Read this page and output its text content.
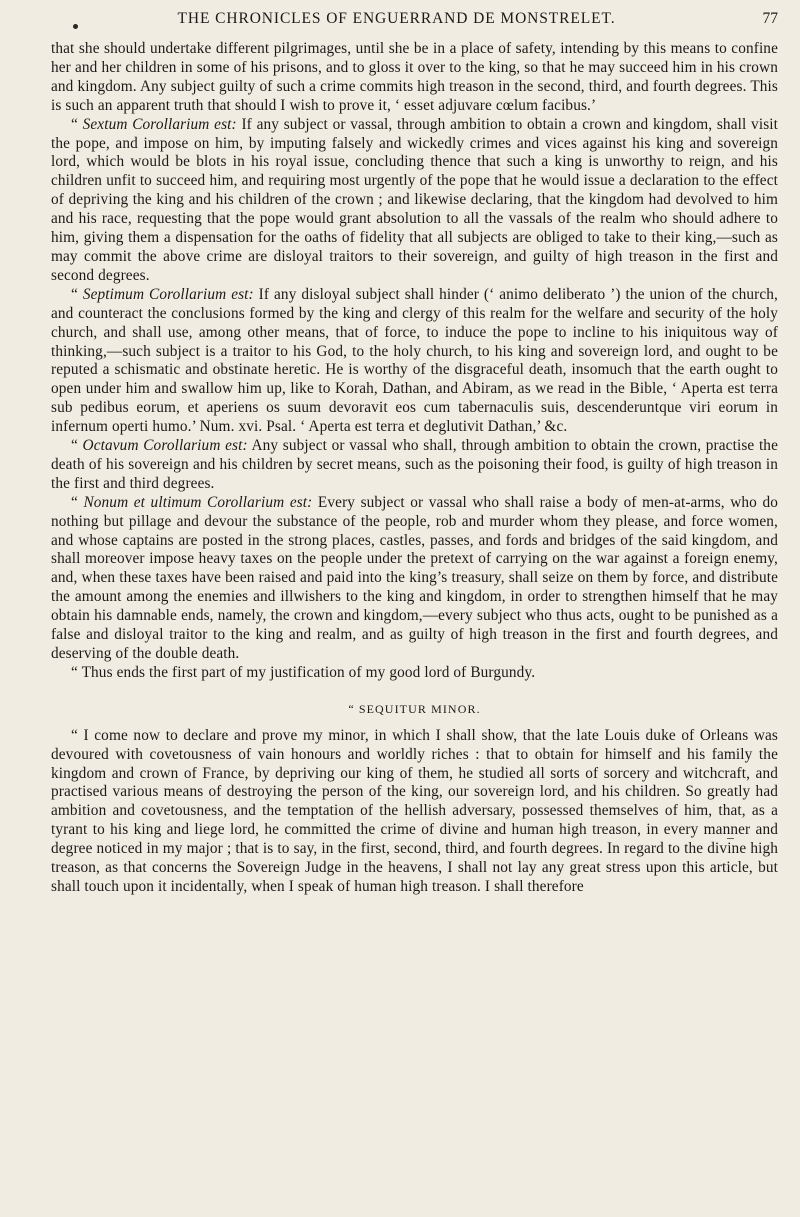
THE CHRONICLES OF ENGUERRAND DE MONSTRELET.	77

that she should undertake different pilgrimages, until she be in a place of safety, intending by this means to confine her and her children in some of his prisons, and to gloss it over to the king, so that he may succeed him in his crown and kingdom. Any subject guilty of such a crime commits high treason in the second, third, and fourth degrees. This is such an apparent truth that should I wish to prove it, ‘ esset adjuvare cœlum facibus.’

“ Sextum Corollarium est: If any subject or vassal, through ambition to obtain a crown and kingdom, shall visit the pope, and impose on him, by imputing falsely and wickedly crimes and vices against his king and sovereign lord, which would be blots in his royal issue, concluding thence that such a king is unworthy to reign, and his children unfit to succeed him, and requiring most urgently of the pope that he would issue a declaration to the effect of depriving the king and his children of the crown ; and likewise declaring, that the kingdom had devolved to him and his race, requesting that the pope would grant absolution to all the vassals of the realm who should adhere to him, giving them a dispensation for the oaths of fidelity that all subjects are obliged to take to their king,—such as may commit the above crime are disloyal traitors to their sovereign, and guilty of high treason in the first and second degrees.

“ Septimum Corollarium est: If any disloyal subject shall hinder (‘ animo deliberato ’) the union of the church, and counteract the conclusions formed by the king and clergy of this realm for the welfare and security of the holy church, and shall use, among other means, that of force, to induce the pope to incline to his iniquitous way of thinking,—such subject is a traitor to his God, to the holy church, to his king and sovereign lord, and ought to be reputed a schismatic and obstinate heretic. He is worthy of the disgraceful death, insomuch that the earth ought to open under him and swallow him up, like to Korah, Dathan, and Abiram, as we read in the Bible, ‘ Aperta est terra sub pedibus eorum, et aperiens os suum devoravit eos cum tabernaculis suis, descenderuntque viri eorum in infernum operti humo.’ Num. xvi. Psal. ‘ Aperta est terra et deglutivit Dathan,’ &c.

“ Octavum Corollarium est: Any subject or vassal who shall, through ambition to obtain the crown, practise the death of his sovereign and his children by secret means, such as the poisoning their food, is guilty of high treason in the first and third degrees.

“ Nonum et ultimum Corollarium est: Every subject or vassal who shall raise a body of men-at-arms, who do nothing but pillage and devour the substance of the people, rob and murder whom they please, and force women, and whose captains are posted in the strong places, castles, passes, and fords and bridges of the said kingdom, and shall moreover impose heavy taxes on the people under the pretext of carrying on the war against a foreign enemy, and, when these taxes have been raised and paid into the king’s treasury, shall seize on them by force, and distribute the amount among the enemies and illwishers to the king and kingdom, in order to strengthen himself that he may obtain his damnable ends, namely, the crown and kingdom,—every subject who thus acts, ought to be punished as a false and disloyal traitor to the king and realm, and as guilty of high treason in the first and fourth degrees, and deserving of the double death.

“ Thus ends the first part of my justification of my good lord of Burgundy.

“ SEQUITUR MINOR.

“ I come now to declare and prove my minor, in which I shall show, that the late Louis duke of Orleans was devoured with covetousness of vain honours and worldly riches : that to obtain for himself and his family the kingdom and crown of France, by depriving our king of them, he studied all sorts of sorcery and witchcraft, and practised various means of destroying the person of the king, our sovereign lord, and his children. So greatly had ambition and covetousness, and the temptation of the hellish adversary, possessed themselves of him, that, as a tyrant to his king and liege lord, he committed the crime of divine and human high treason, in every manner and degree noticed in my major ; that is to say, in the first, second, third, and fourth degrees. In regard to the divine high treason, as that concerns the Sovereign Judge in the heavens, I shall not lay any great stress upon this article, but shall touch upon it incidentally, when I speak of human high treason. I shall therefore
